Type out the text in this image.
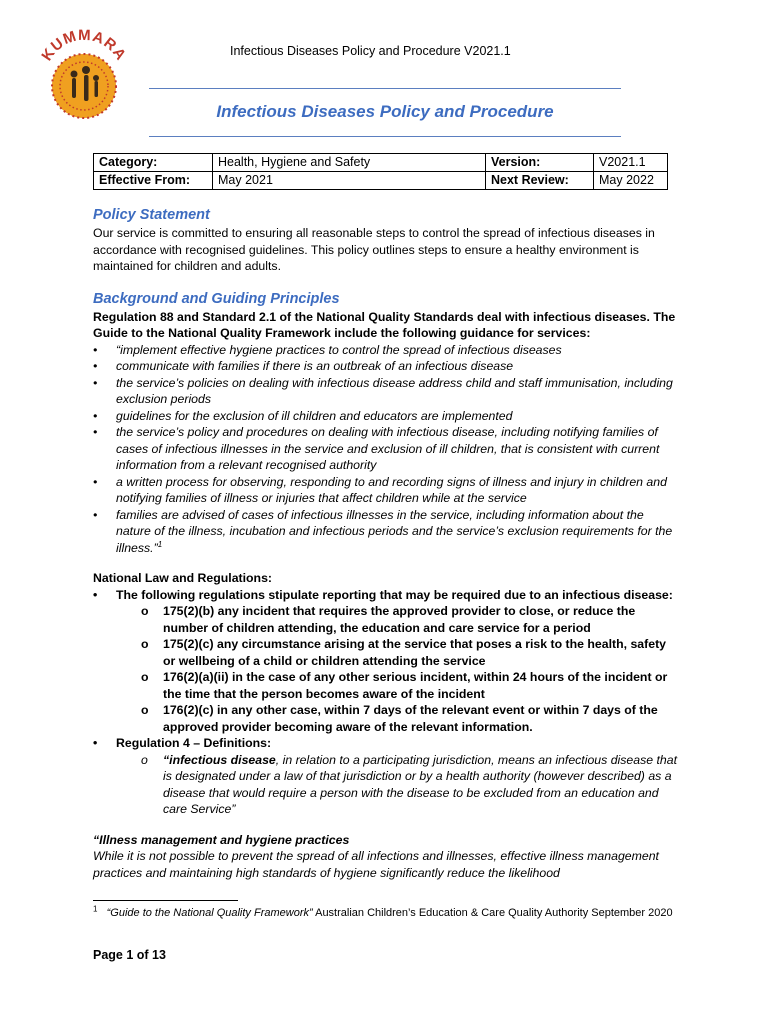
KUMMARA	Infectious Diseases Policy and Procedure V2021.1
Infectious Diseases Policy and Procedure
Category:	Health, Hygiene and Safety	Version:	V2021.1
Effective From:	May 2021	Next Review:	May 2022
Policy Statement

Our service is committed to ensuring all reasonable steps to control the spread of infectious diseases in accordance with recognised guidelines. This policy outlines steps to ensure a healthy environment is maintained for children and adults.

Background and Guiding Principles

Regulation 88 and Standard 2.1 of the National Quality Standards deal with infectious diseases. The Guide to the National Quality Framework include the following guidance for services:

• “implement effective hygiene practices to control the spread of infectious diseases
• communicate with families if there is an outbreak of an infectious disease
• the service’s policies on dealing with infectious disease address child and staff immunisation, including exclusion periods
• guidelines for the exclusion of ill children and educators are implemented
• the service’s policy and procedures on dealing with infectious disease, including notifying families of cases of infectious illnesses in the service and exclusion of ill children, that is consistent with current information from a relevant recognised authority
• a written process for observing, responding to and recording signs of illness and injury in children and notifying families of illness or injuries that affect children while at the service
• families are advised of cases of infectious illnesses in the service, including information about the nature of the illness, incubation and infectious periods and the service’s exclusion requirements for the illness.”$^1$

National Law and Regulations:

• The following regulations stipulate reporting that may be required due to an infectious disease:
o 175(2)(b) any incident that requires the approved provider to close, or reduce the number of children attending, the education and care service for a period
o 175(2)(c) any circumstance arising at the service that poses a risk to the health, safety or wellbeing of a child or children attending the service
o 176(2)(a)(ii) in the case of any other serious incident, within 24 hours of the incident or the time that the person becomes aware of the incident
o 176(2)(c) in any other case, within 7 days of the relevant event or within 7 days of the approved provider becoming aware of the relevant information.
• Regulation 4 – Definitions:
o “infectious disease, in relation to a participating jurisdiction, means an infectious disease that is designated under a law of that jurisdiction or by a health authority (however described) as a disease that would require a person with the disease to be excluded from an education and care Service”

“Illness management and hygiene practices

While it is not possible to prevent the spread of all infections and illnesses, effective illness management practices and maintaining high standards of hygiene significantly reduce the likelihood

$^1$ “Guide to the National Quality Framework” Australian Children’s Education & Care Quality Authority September 2020
Page 1 of 13
